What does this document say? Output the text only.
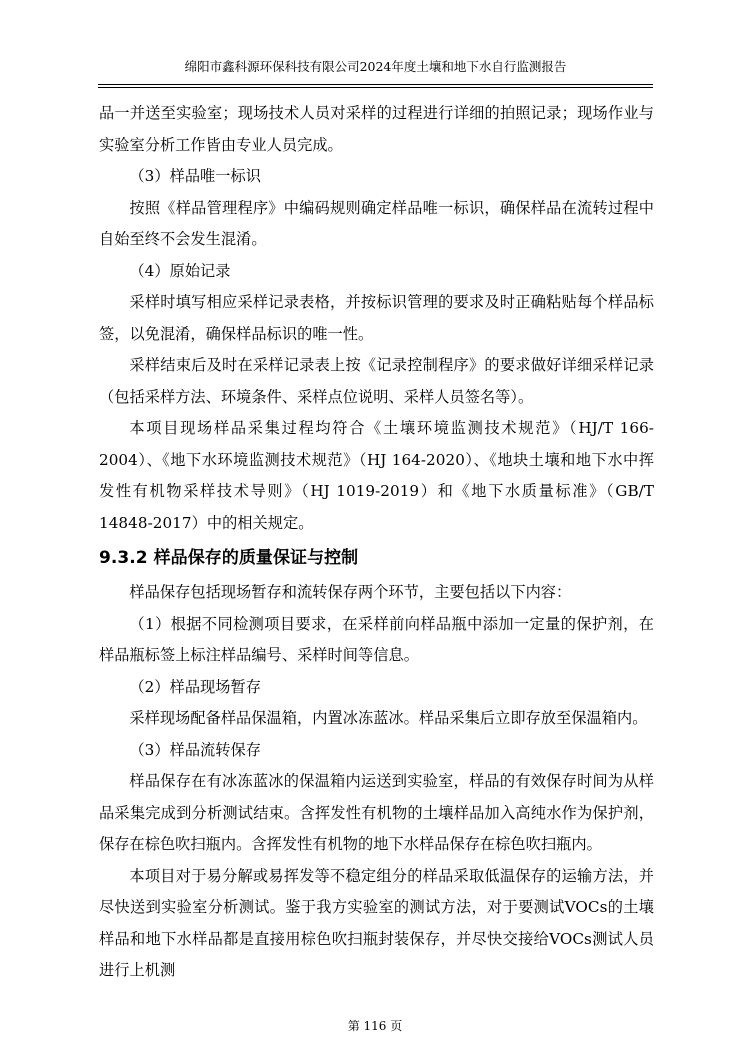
绵阳市鑫科源环保科技有限公司2024年度土壤和地下水自行监测报告

品一并送至实验室；现场技术人员对采样的过程进行详细的拍照记录；现场作业与实验室分析工作皆由专业人员完成。

（3）样品唯一标识

按照《样品管理程序》中编码规则确定样品唯一标识，确保样品在流转过程中自始至终不会发生混淆。

（4）原始记录

采样时填写相应采样记录表格，并按标识管理的要求及时正确粘贴每个样品标签，以免混淆，确保样品标识的唯一性。

采样结束后及时在采样记录表上按《记录控制程序》的要求做好详细采样记录（包括采样方法、环境条件、采样点位说明、采样人员签名等）。

本项目现场样品采集过程均符合《土壤环境监测技术规范》（HJ/T 166-2004）、《地下水环境监测技术规范》（HJ 164-2020）、《地块土壤和地下水中挥发性有机物采样技术导则》（HJ 1019-2019）和《地下水质量标准》（GB/T 14848-2017）中的相关规定。

9.3.2 样品保存的质量保证与控制

样品保存包括现场暂存和流转保存两个环节，主要包括以下内容：

（1）根据不同检测项目要求，在采样前向样品瓶中添加一定量的保护剂，在样品瓶标签上标注样品编号、采样时间等信息。

（2）样品现场暂存

采样现场配备样品保温箱，内置冰冻蓝冰。样品采集后立即存放至保温箱内。

（3）样品流转保存

样品保存在有冰冻蓝冰的保温箱内运送到实验室，样品的有效保存时间为从样品采集完成到分析测试结束。含挥发性有机物的土壤样品加入高纯水作为保护剂，保存在棕色吹扫瓶内。含挥发性有机物的地下水样品保存在棕色吹扫瓶内。

本项目对于易分解或易挥发等不稳定组分的样品采取低温保存的运输方法，并尽快送到实验室分析测试。鉴于我方实验室的测试方法，对于要测试VOCs的土壤样品和地下水样品都是直接用棕色吹扫瓶封装保存，并尽快交接给VOCs测试人员进行上机测

第 116 页
